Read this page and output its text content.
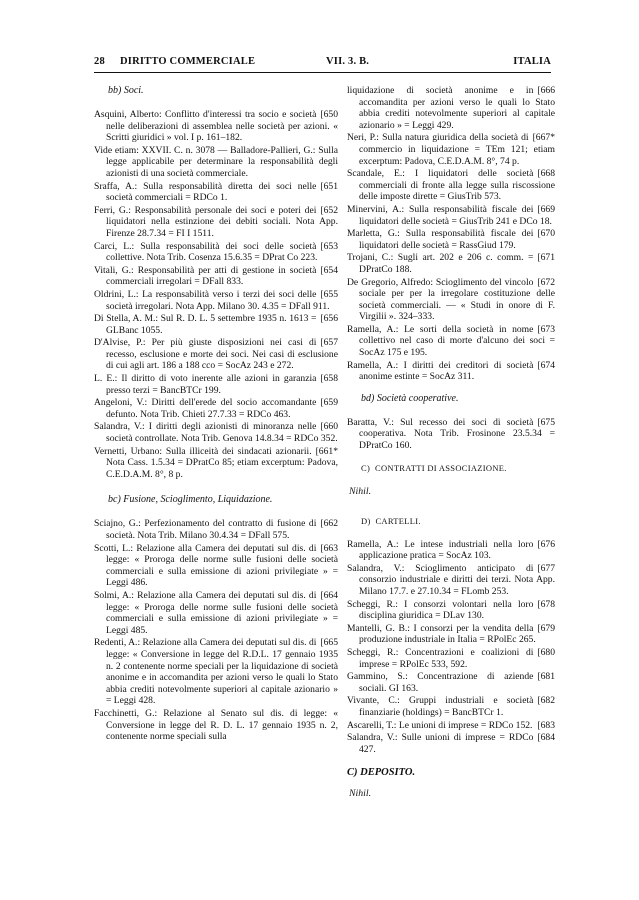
28 DIRITTO COMMERCIALE	VII. 3. B.	ITALIA
bb) Soci.
[650
Asquini, Alberto: Conflitto d'interessi tra socio e società nelle deliberazioni di assemblea nelle società per azioni. « Scritti giuridici » vol. I p. 161–182.
Vide etiam: XXVII. C. n. 3078 — Balladore-Pallieri, G.: Sulla legge applicabile per determinare la responsabilità degli azionisti di una società commerciale.
[651
Sraffa, A.: Sulla responsabilità diretta dei soci nelle società commerciali = RDCo 1.
[652
Ferri, G.: Responsabilità personale dei soci e poteri dei liquidatori nella estinzione dei debiti sociali. Nota App. Firenze 28.7.34 = FI I 1511.
[653
Carci, L.: Sulla responsabilità dei soci delle società collettive. Nota Trib. Cosenza 15.6.35 = DPrat Co 223.
[654
Vitali, G.: Responsabilità per atti di gestione in società commerciali irregolari = DFall 833.
[655
Oldrini, L.: La responsabilità verso i terzi dei soci delle società irregolari. Nota App. Milano 30. 4.35 = DFall 911.
[656
Di Stella, A. M.: Sul R. D. L. 5 settembre 1935 n. 1613 = GLBanc 1055.
[657
D'Alvise, P.: Per più giuste disposizioni nei casi di recesso, esclusione e morte dei soci. Nei casi di esclusione di cui agli art. 186 a 188 cco = SocAz 243 e 272.
[658
L. E.: Il diritto di voto inerente alle azioni in garanzia presso terzi = BancBTCr 199.
[659
Angeloni, V.: Diritti dell'erede del socio accomandante defunto. Nota Trib. Chieti 27.7.33 = RDCo 463.
[660
Salandra, V.: I diritti degli azionisti di minoranza nelle società controllate. Nota Trib. Genova 14.8.34 = RDCo 352.
[661*
Vernetti, Urbano: Sulla illiceità dei sindacati azionarii. Nota Cass. 1.5.34 = DPratCo 85; etiam excerptum: Padova, C.E.D.A.M. 8°, 8 p.
bc) Fusione, Scioglimento, Liquidazione.
[662
Sciajno, G.: Perfezionamento del contratto di fusione di società. Nota Trib. Milano 30.4.34 = DFall 575.
[663
Scotti, L.: Relazione alla Camera dei deputati sul dis. di legge: « Proroga delle norme sulle fusioni delle società commerciali e sulla emissione di azioni privilegiate » = Leggi 486.
[664
Solmi, A.: Relazione alla Camera dei deputati sul dis. di legge: « Proroga delle norme sulle fusioni delle società commerciali e sulla emissione di azioni privilegiate » = Leggi 485.
[665
Redenti, A.: Relazione alla Camera dei deputati sul dis. di legge: « Conversione in legge del R.D.L. 17 gennaio 1935 n. 2 contenente norme speciali per la liquidazione di società anonime e in accomandita per azioni verso le quali lo Stato abbia crediti notevolmente superiori al capitale azionario » = Leggi 428.
Facchinetti, G.: Relazione al Senato sul dis. di legge: « Conversione in legge del R. D. L. 17 gennaio 1935 n. 2, contenente norme speciali sulla
[666
liquidazione di società anonime e in accomandita per azioni verso le quali lo Stato abbia crediti notevolmente superiori al capitale azionario » = Leggi 429.
[667*
Neri, P.: Sulla natura giuridica della società di commercio in liquidazione = TEm 121; etiam excerptum: Padova, C.E.D.A.M. 8°, 74 p.
[668
Scandale, E.: I liquidatori delle società commerciali di fronte alla legge sulla riscossione delle imposte dirette = GiusTrib 573.
[669
Minervini, A.: Sulla responsabilità fiscale dei liquidatori delle società = GiusTrib 241 e DCo 18.
[670
Marletta, G.: Sulla responsabilità fiscale dei liquidatori delle società = RassGiud 179.
[671
Trojani, C.: Sugli art. 202 e 206 c. comm. = DPratCo 188.
[672
De Gregorio, Alfredo: Scioglimento del vincolo sociale per per la irregolare costituzione delle società commerciali. — « Studi in onore di F. Virgilii ». 324–333.
[673
Ramella, A.: Le sorti della società in nome collettivo nel caso di morte d'alcuno dei soci = SocAz 175 e 195.
[674
Ramella, A.: I diritti dei creditori di società anonime estinte = SocAz 311.
bd) Società cooperative.
[675
Baratta, V.: Sul recesso dei soci di società cooperativa. Nota Trib. Frosinone 23.5.34 = DPratCo 160.
C) CONTRATTI DI ASSOCIAZIONE.
Nihil.
D) CARTELLI.
[676
Ramella, A.: Le intese industriali nella loro applicazione pratica = SocAz 103.
[677
Salandra, V.: Scioglimento anticipato di consorzio industriale e diritti dei terzi. Nota App. Milano 17.7. e 27.10.34 = FLomb 253.
[678
Scheggi, R.: I consorzi volontari nella loro disciplina giuridica = DLav 130.
[679
Mantelli, G. B.: I consorzi per la vendita della produzione industriale in Italia = RPolEc 265.
[680
Scheggi, R.: Concentrazioni e coalizioni di imprese = RPolEc 533, 592.
[681
Gammino, S.: Concentrazione di aziende sociali. GI 163.
[682
Vivante, C.: Gruppi industriali e società finanziarie (holdings) = BancBTCr 1.
[683
Ascarelli, T.: Le unioni di imprese = RDCo 152.
[684
Salandra, V.: Sulle unioni di imprese = RDCo 427.
C) DEPOSITO.
Nihil.
